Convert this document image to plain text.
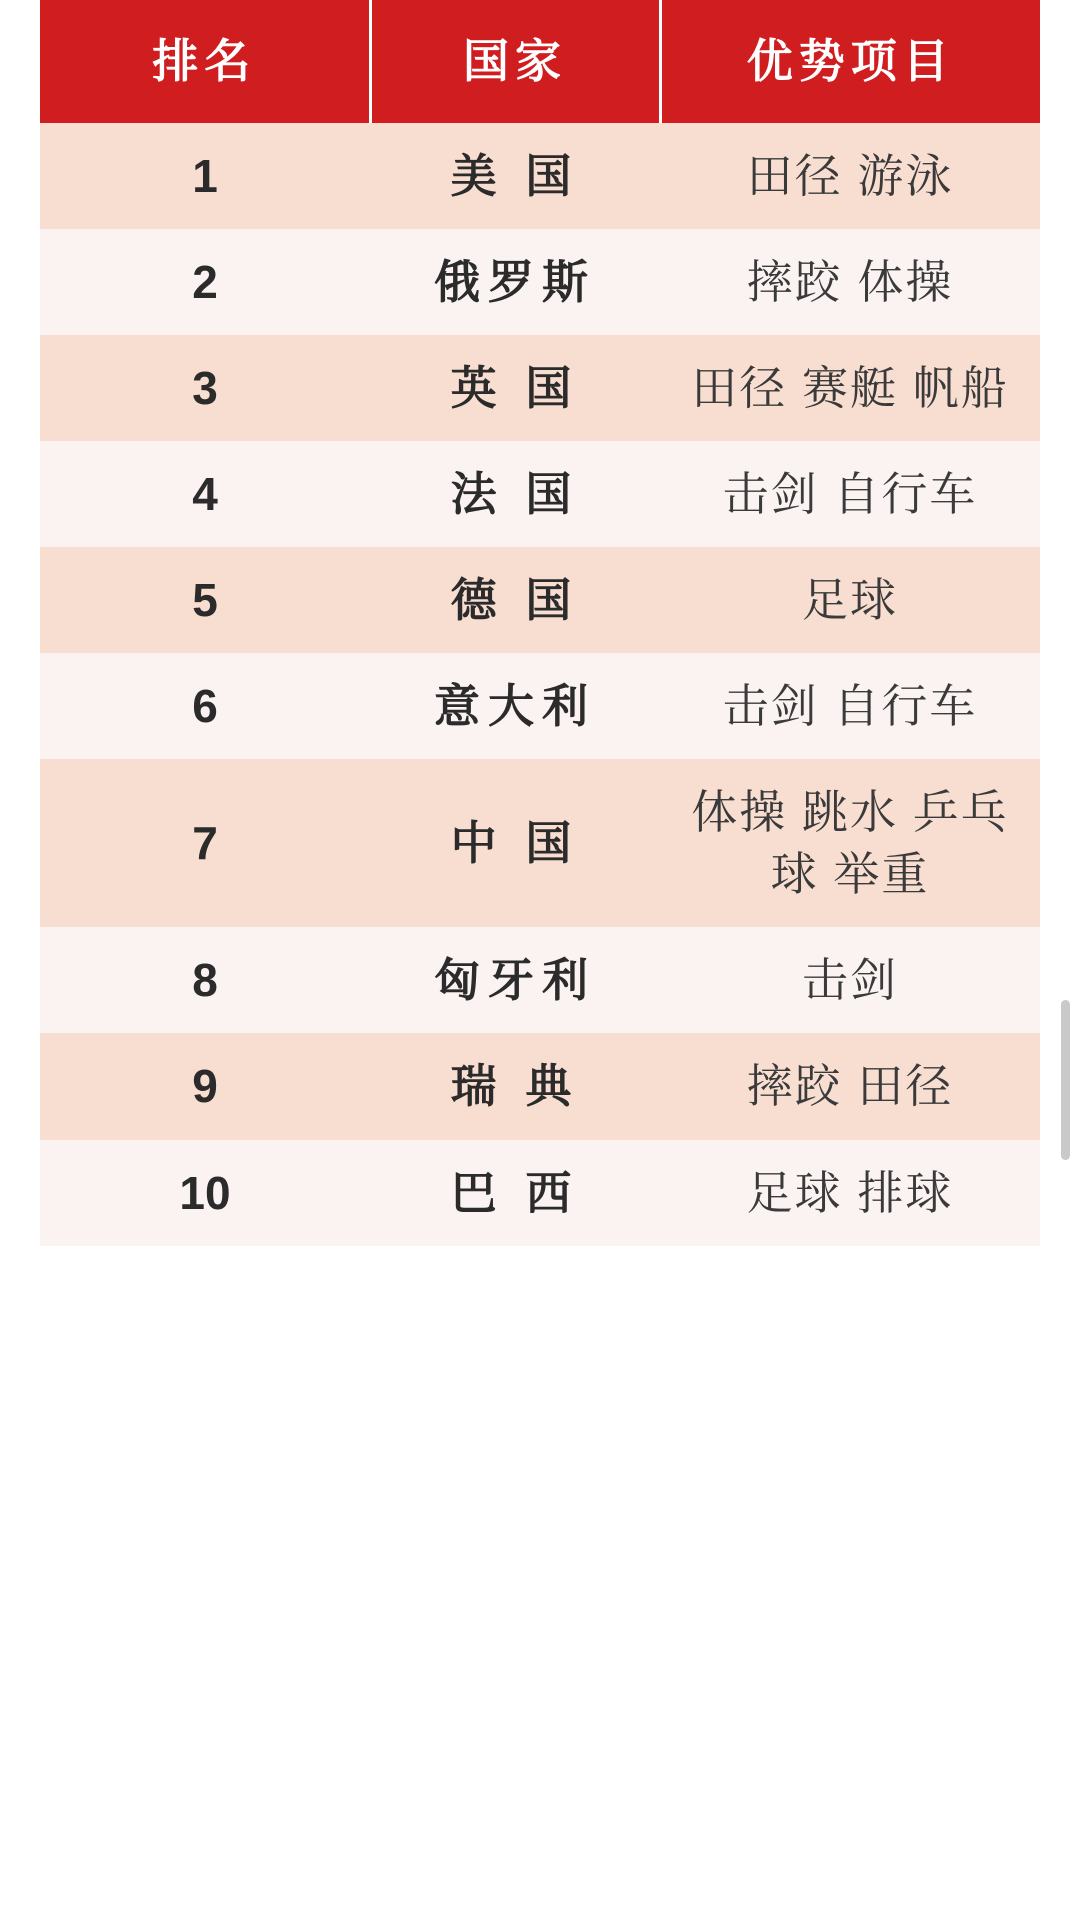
排名	国家	优势项目
1	美 国	田径 游泳
2	俄罗斯	摔跤 体操
3	英 国	田径 赛艇 帆船
4	法 国	击剑 自行车
5	德 国	足球
6	意大利	击剑 自行车
7	中 国	体操 跳水 乒乓球 举重
8	匈牙利	击剑
9	瑞 典	摔跤 田径
10	巴 西	足球 排球
